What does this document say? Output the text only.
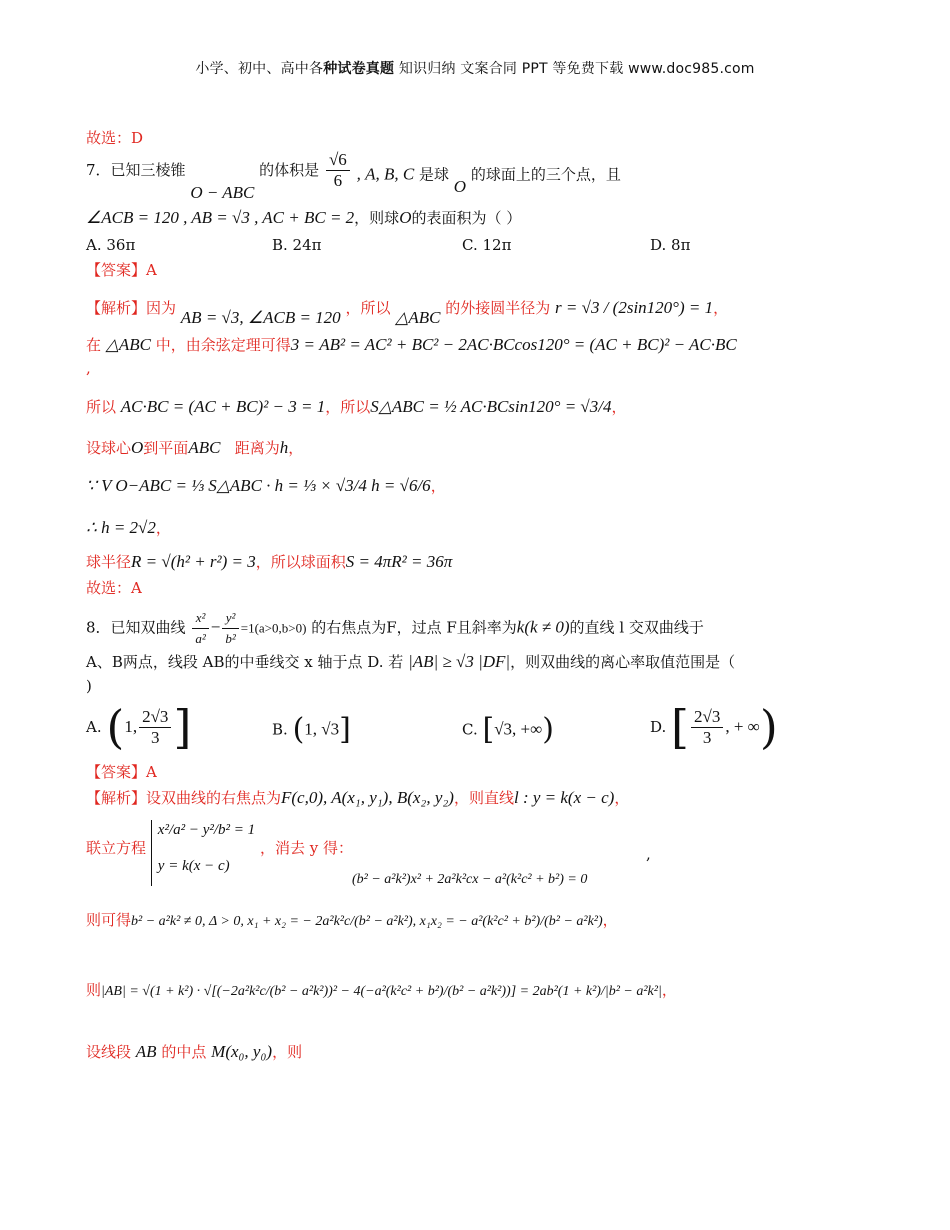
小学、初中、高中各种试卷真题 知识归纳 文案合同 PPT 等免费下载 www.doc985.com
故选：D
7．已知三棱锥 O − ABC 的体积是 $\frac{√6}{6}$ , A, B, C 是球 O 的球面上的三个点，且
∠ACB = 120 , AB = √3 , AC + BC = 2，则球O的表面积为（ ）
A. 36π	B. 24π	C. 12π	D. 8π
【答案】A
【解析】因为 AB = √3, ∠ACB = 120 ，所以 △ABC 的外接圆半径为 r = √3 / (2sin120°) = 1，
在 △ABC 中，由余弦定理可得3 = AB² = AC² + BC² − 2AC·BCcos120° = (AC + BC)² − AC·BC
,
所以 AC·BC = (AC + BC)² − 3 = 1，所以S△ABC = ½ AC·BCsin120° = √3/4，
设球心O到平面ABC 距离为h，
∵ V O−ABC = ⅓ S△ABC · h = ⅓ × √3/4 h = √6/6，
∴ h = 2√2，
球半径R = √(h² + r²) = 3，所以球面积S = 4πR² = 36π
故选：A
8．已知双曲线 $\frac{\text{x²}}{\text{a²}} - \frac{\text{y²}}{\text{b²}} =1(a>0,b>0)$ 的右焦点为F，过点 F且斜率为k(k ≠ 0)的直线 l 交双曲线于
A、B两点，线段 AB的中垂线交 x 轴于点 D. 若 |AB| ≥ √3 |DF|，则双曲线的离心率取值范围是（
)
A. (1, $\frac{2√3}{3}$ ]	B. (1, √3]	C. [√3, +∞)	D. [ $\frac{2√3}{3}$ , + ∞)
【答案】A
【解析】设双曲线的右焦点为F(c,0), A(x₁, y₁), B(x₂, y₂)，则直线l : y = k(x − c)，
联立方程
x²/a² − y²/b² = 1
y = k(x − c)
，消去 y 得：
(b² − a²k²)x² + 2a²k²cx − a²(k²c² + b²) = 0
,
则可得b² − a²k² ≠ 0, Δ > 0, x₁ + x₂ = − 2a²k²c/(b² − a²k²), x₁x₂ = − a²(k²c² + b²)/(b² − a²k²)，
则|AB| = √(1 + k²) · √[(−2a²k²c/(b² − a²k²))² − 4(−a²(k²c² + b²)/(b² − a²k²))] = 2ab²(1 + k²)/|b² − a²k²|，
设线段 AB 的中点 M(x₀, y₀)，则
